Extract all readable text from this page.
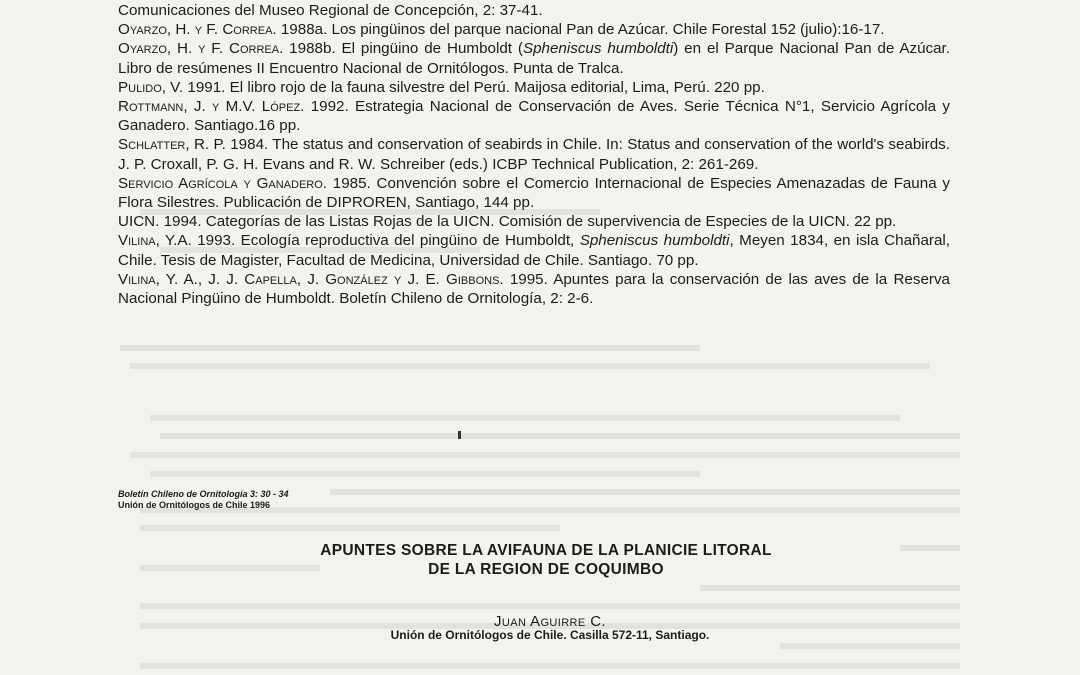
Comunicaciones del Museo Regional de Concepción, 2: 37-41.

Oyarzo, H. y F. Correa. 1988a. Los pingüinos del parque nacional Pan de Azúcar. Chile Forestal 152 (julio):16-17.

Oyarzo, H. y F. Correa. 1988b. El pingüino de Humboldt (Spheniscus humboldti) en el Parque Nacional Pan de Azúcar. Libro de resúmenes II Encuentro Nacional de Ornitólogos. Punta de Tralca.

Pulido, V. 1991. El libro rojo de la fauna silvestre del Perú. Maijosa editorial, Lima, Perú. 220 pp.

Rottmann, J. y M.V. López. 1992. Estrategia Nacional de Conservación de Aves. Serie Técnica N°1, Servicio Agrícola y Ganadero. Santiago.16 pp.

Schlatter, R. P. 1984. The status and conservation of seabirds in Chile. In: Status and conservation of the world's seabirds. J. P. Croxall, P. G. H. Evans and R. W. Schreiber (eds.) ICBP Technical Publication, 2: 261-269.

Servicio Agrícola y Ganadero. 1985. Convención sobre el Comercio Internacional de Especies Amenazadas de Fauna y Flora Silestres. Publicación de DIPROREN, Santiago, 144 pp.

UICN. 1994. Categorías de las Listas Rojas de la UICN. Comisión de supervivencia de Especies de la UICN. 22 pp.

Vilina, Y.A. 1993. Ecología reproductiva del pingüino de Humboldt, Spheniscus humboldti, Meyen 1834, en isla Chañaral, Chile. Tesis de Magister, Facultad de Medicina, Universidad de Chile. Santiago. 70 pp.

Vilina, Y. A., J. J. Capella, J. González y J. E. Gibbons. 1995. Apuntes para la conservación de las aves de la Reserva Nacional Pingüino de Humboldt. Boletín Chileno de Ornitología, 2: 2-6.

Boletín Chileno de Ornitología 3: 30 - 34
Unión de Ornitólogos de Chile 1996
APUNTES SOBRE LA AVIFAUNA DE LA PLANICIE LITORAL
DE LA REGION DE COQUIMBO
Juan Aguirre C.
Unión de Ornitólogos de Chile. Casilla 572-11, Santiago.
